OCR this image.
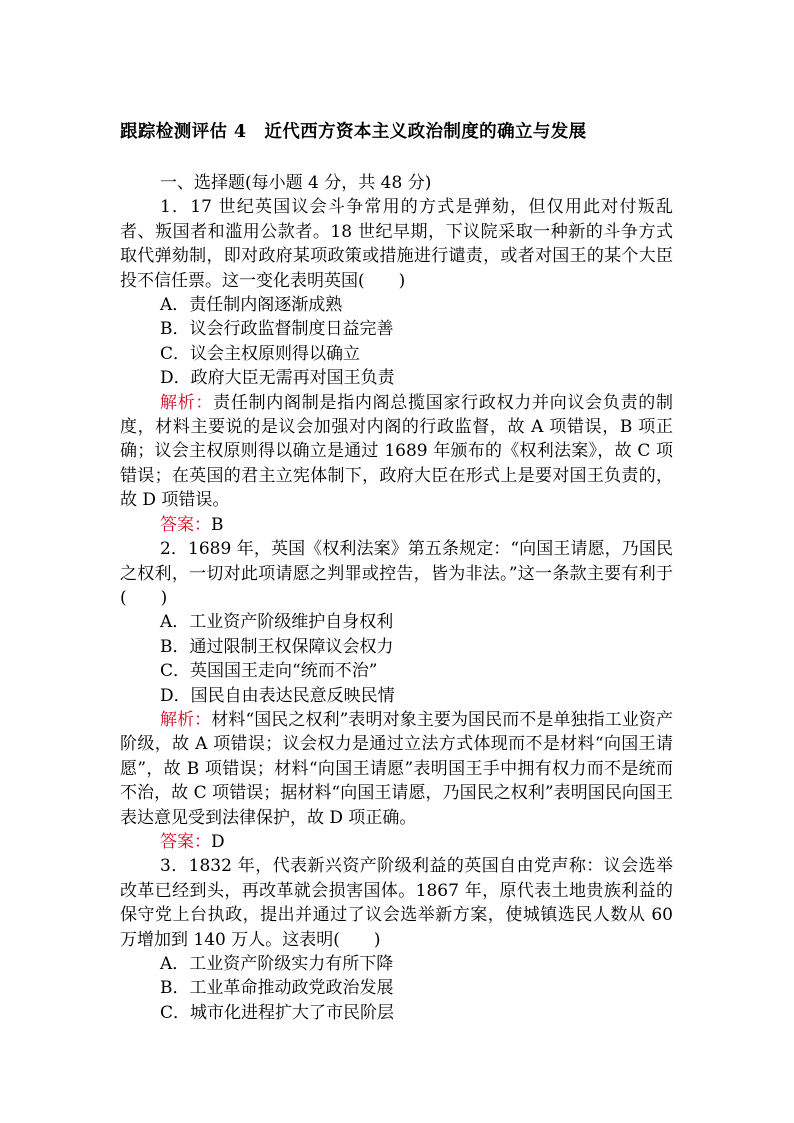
跟踪检测评估 4　近代西方资本主义政治制度的确立与发展

一、选择题(每小题 4 分，共 48 分)

1．17 世纪英国议会斗争常用的方式是弹劾，但仅用此对付叛乱者、叛国者和滥用公款者。18 世纪早期，下议院采取一种新的斗争方式取代弹劾制，即对政府某项政策或措施进行谴责，或者对国王的某个大臣投不信任票。这一变化表明英国(　　)

A．责任制内阁逐渐成熟

B．议会行政监督制度日益完善

C．议会主权原则得以确立

D．政府大臣无需再对国王负责

解析：责任制内阁制是指内阁总揽国家行政权力并向议会负责的制度，材料主要说的是议会加强对内阁的行政监督，故 A 项错误，B 项正确；议会主权原则得以确立是通过 1689 年颁布的《权利法案》，故 C 项错误；在英国的君主立宪体制下，政府大臣在形式上是要对国王负责的，故 D 项错误。

答案：B

2．1689 年，英国《权利法案》第五条规定：“向国王请愿，乃国民之权利，一切对此项请愿之判罪或控告，皆为非法。”这一条款主要有利于(　　)

A．工业资产阶级维护自身权利

B．通过限制王权保障议会权力

C．英国国王走向“统而不治”

D．国民自由表达民意反映民情

解析：材料“国民之权利”表明对象主要为国民而不是单独指工业资产阶级，故 A 项错误；议会权力是通过立法方式体现而不是材料“向国王请愿”，故 B 项错误；材料“向国王请愿”表明国王手中拥有权力而不是统而不治，故 C 项错误；据材料“向国王请愿，乃国民之权利”表明国民向国王表达意见受到法律保护，故 D 项正确。

答案：D

3．1832 年，代表新兴资产阶级利益的英国自由党声称：议会选举改革已经到头，再改革就会损害国体。1867 年，原代表土地贵族利益的保守党上台执政，提出并通过了议会选举新方案，使城镇选民人数从 60 万增加到 140 万人。这表明(　　)

A．工业资产阶级实力有所下降

B．工业革命推动政党政治发展

C．城市化进程扩大了市民阶层
